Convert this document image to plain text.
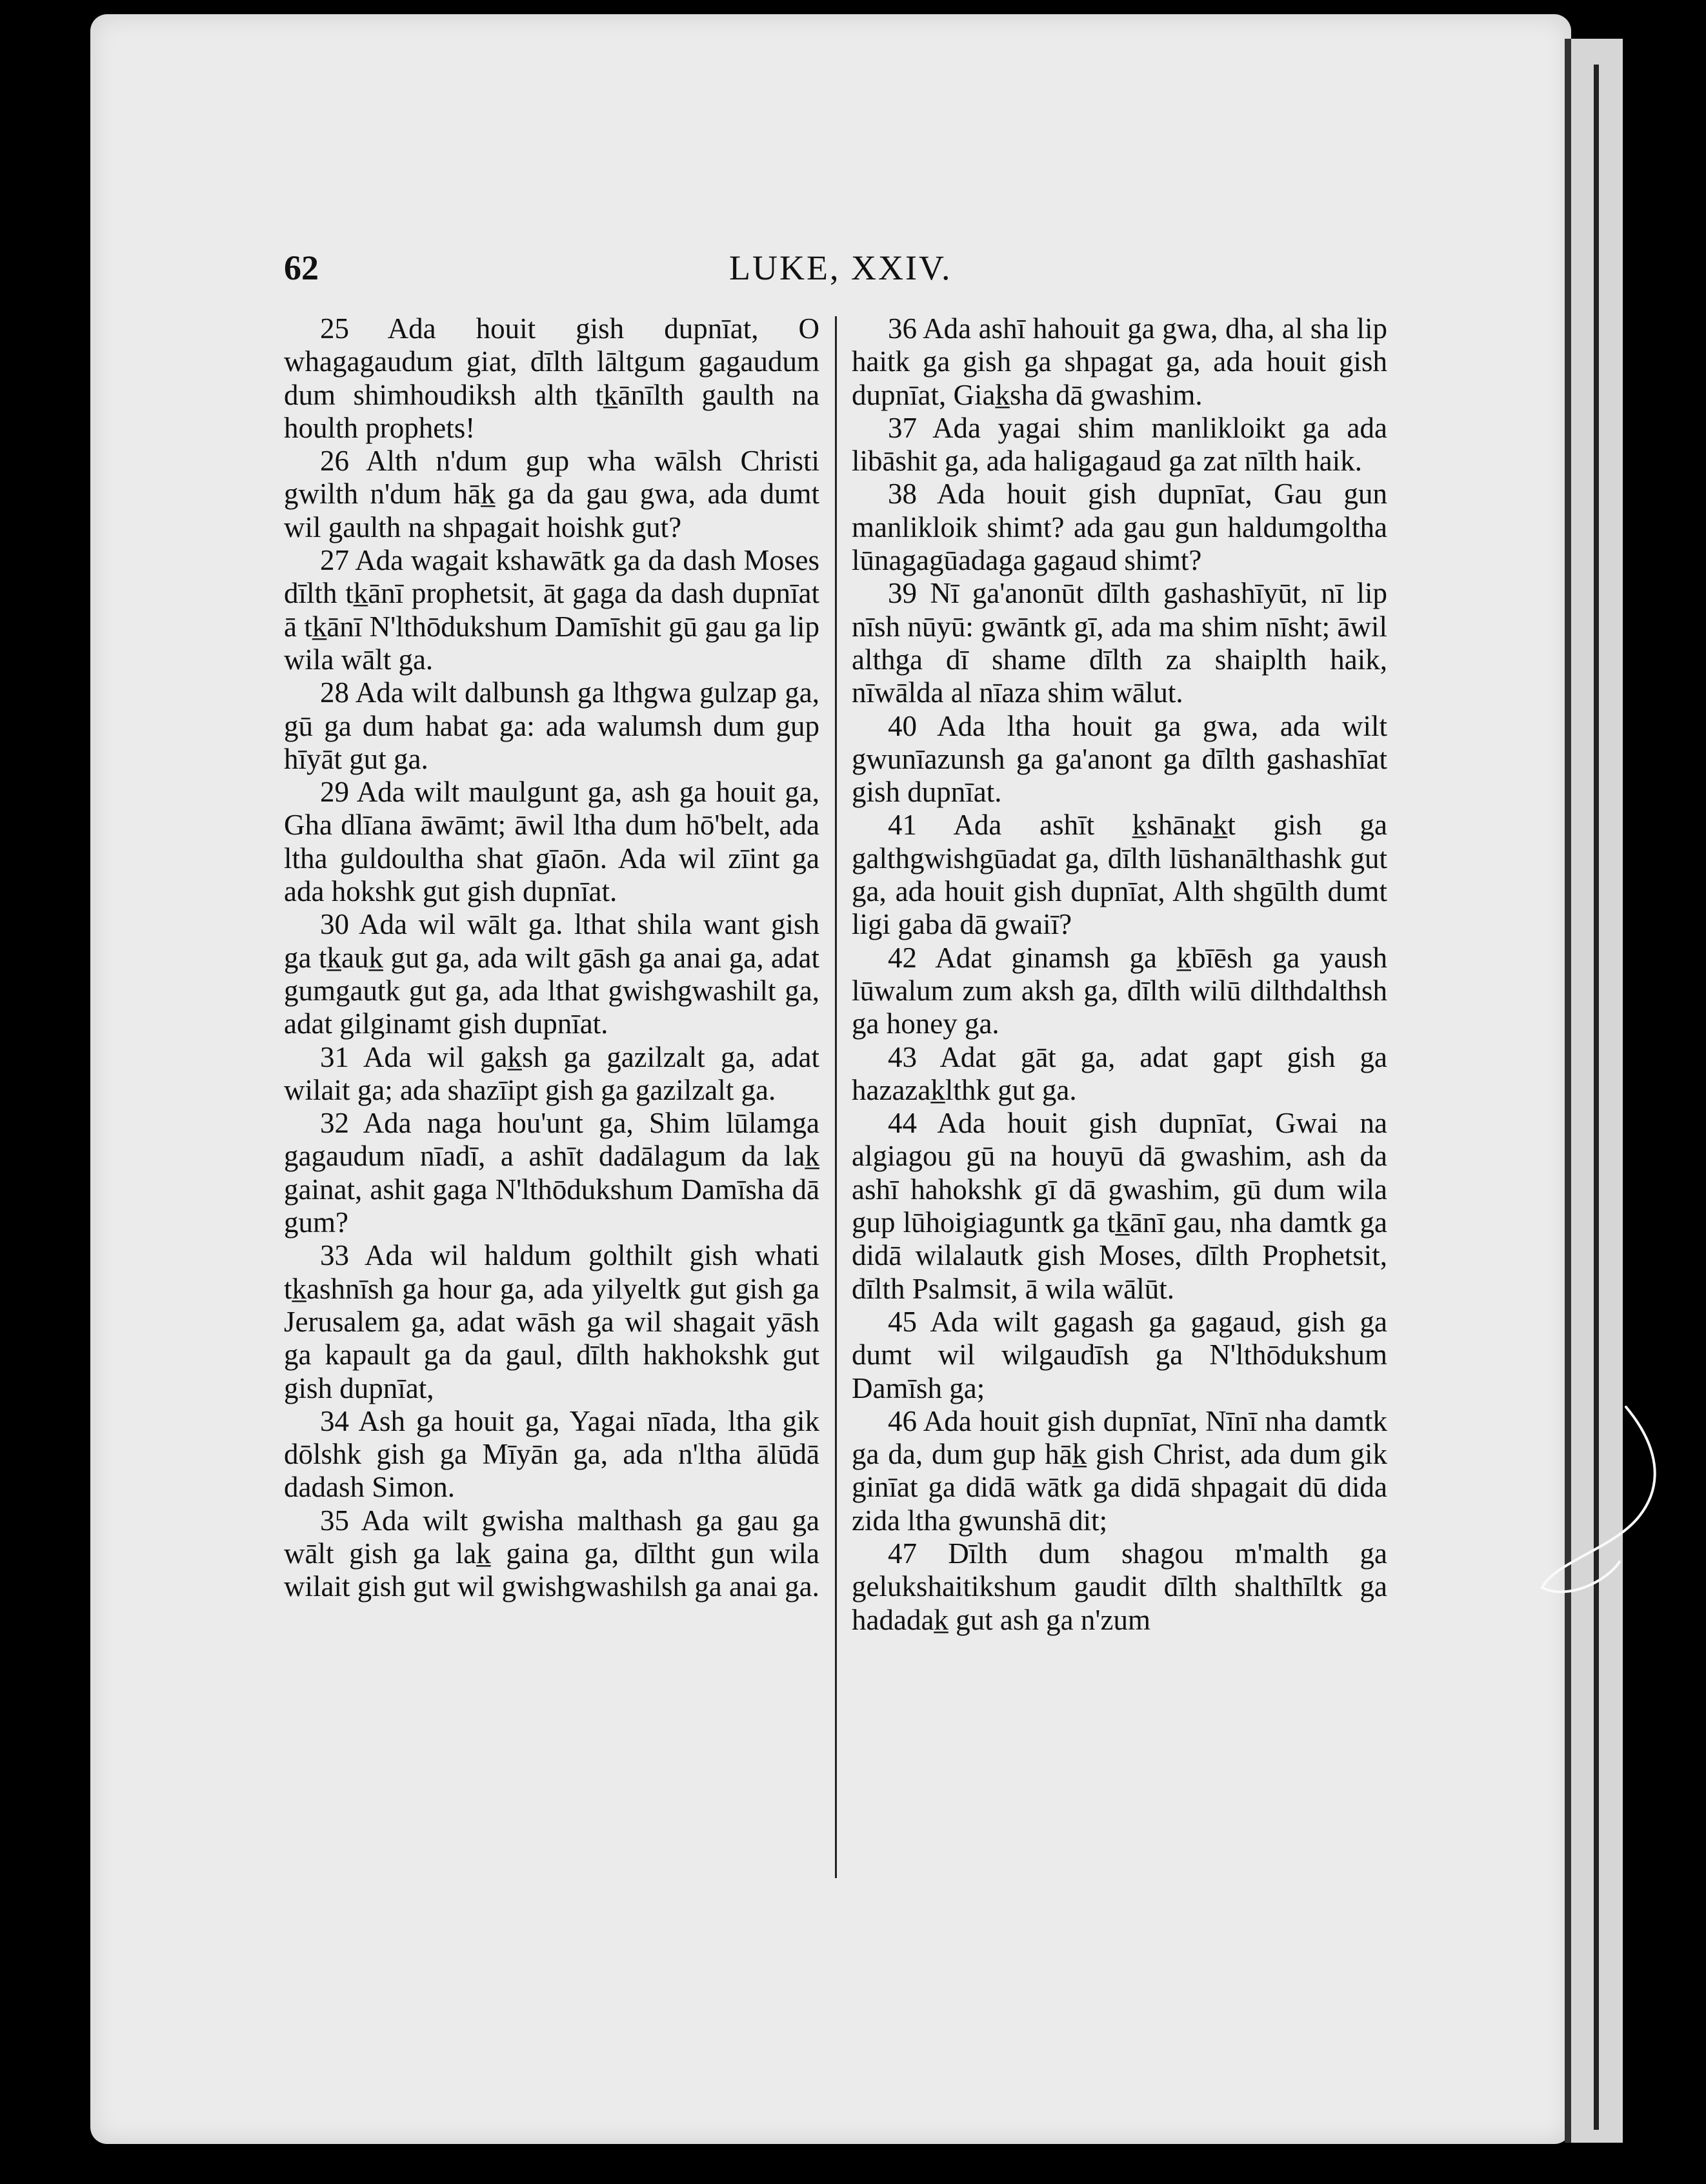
62	LUKE, XXIV.

25 Ada houit gish dupnīat, O whagagaudum giat, dīlth lāltgum gagaudum dum shimhoudiksh alth tk̲ānīlth gaulth na houlth prophets!

26 Alth n'dum gup wha wālsh Christi gwilth n'dum hāk̲ ga da gau gwa, ada dumt wil gaulth na shpagait hoishk gut?

27 Ada wagait kshawātk ga da dash Moses dīlth tk̲ānī prophetsit, āt gaga da dash dupnīat ā tk̲ānī N'lthōdukshum Damīshit gū gau ga lip wila wālt ga.

28 Ada wilt dalbunsh ga lthgwa gulzap ga, gū ga dum habat ga: ada walumsh dum gup hīyāt gut ga.

29 Ada wilt maulgunt ga, ash ga houit ga, Gha dlīana āwāmt; āwil ltha dum hō'belt, ada ltha guldoultha shat gīaōn. Ada wil zīint ga ada hokshk gut gish dupnīat.

30 Ada wil wālt ga. lthat shila want gish ga tk̲auk̲ gut ga, ada wilt gāsh ga anai ga, adat gumgautk gut ga, ada lthat gwishgwashilt ga, adat gilginamt gish dupnīat.

31 Ada wil gak̲sh ga gazilzalt ga, adat wilait ga; ada shazīipt gish ga gazilzalt ga.

32 Ada naga hou'unt ga, Shim lūlamga gagaudum nīadī, a ashīt dadālagum da lak̲ gainat, ashit gaga N'lthōdukshum Damīsha dā gum?

33 Ada wil haldum golthilt gish whati tk̲ashnīsh ga hour ga, ada yilyeltk gut gish ga Jerusalem ga, adat wāsh ga wil shagait yāsh ga kapault ga da gaul, dīlth hakhokshk gut gish dupnīat,

34 Ash ga houit ga, Yagai nīada, ltha gik dōlshk gish ga Mīyān ga, ada n'ltha ālūdā dadash Simon.

35 Ada wilt gwisha malthash ga gau ga wālt gish ga lak̲ gaina ga, dīltht gun wila wilait gish gut wil gwishgwashilsh ga anai ga.

36 Ada ashī hahouit ga gwa, dha, al sha lip haitk ga gish ga shpagat ga, ada houit gish dupnīat, Giak̲sha dā gwashim.

37 Ada yagai shim manlikloikt ga ada libāshit ga, ada haligagaud ga zat nīlth haik.

38 Ada houit gish dupnīat, Gau gun manlikloik shimt? ada gau gun haldumgoltha lūnagagūadaga gagaud shimt?

39 Nī ga'anonūt dīlth gashashīyūt, nī lip nīsh nūyū: gwāntk gī, ada ma shim nīsht; āwil althga dī shame dīlth za shaiplth haik, nīwālda al nīaza shim wālut.

40 Ada ltha houit ga gwa, ada wilt gwunīazunsh ga ga'anont ga dīlth gashashīat gish dupnīat.

41 Ada ashīt k̲shānak̲t gish ga galthgwishgūadat ga, dīlth lūshanālthashk gut ga, ada houit gish dupnīat, Alth shgūlth dumt ligi gaba dā gwaiī?

42 Adat ginamsh ga k̲bīēsh ga yaush lūwalum zum aksh ga, dīlth wilū dilthdalthsh ga honey ga.

43 Adat gāt ga, adat gapt gish ga hazazak̲lthk gut ga.

44 Ada houit gish dupnīat, Gwai na algiagou gū na houyū dā gwashim, ash da ashī hahokshk gī dā gwashim, gū dum wila gup lūhoigiaguntk ga tk̲ānī gau, nha damtk ga didā wilalautk gish Moses, dīlth Prophetsit, dīlth Psalmsit, ā wila wālūt.

45 Ada wilt gagash ga gagaud, gish ga dumt wil wilgaudīsh ga N'lthōdukshum Damīsh ga;

46 Ada houit gish dupnīat, Nīnī nha damtk ga da, dum gup hāk̲ gish Christ, ada dum gik ginīat ga didā wātk ga didā shpagait dū dida zida ltha gwunshā dit;

47 Dīlth dum shagou m'malth ga gelukshaitikshum gaudit dīlth shalthīltk ga hadadak̲ gut ash ga n'zum
